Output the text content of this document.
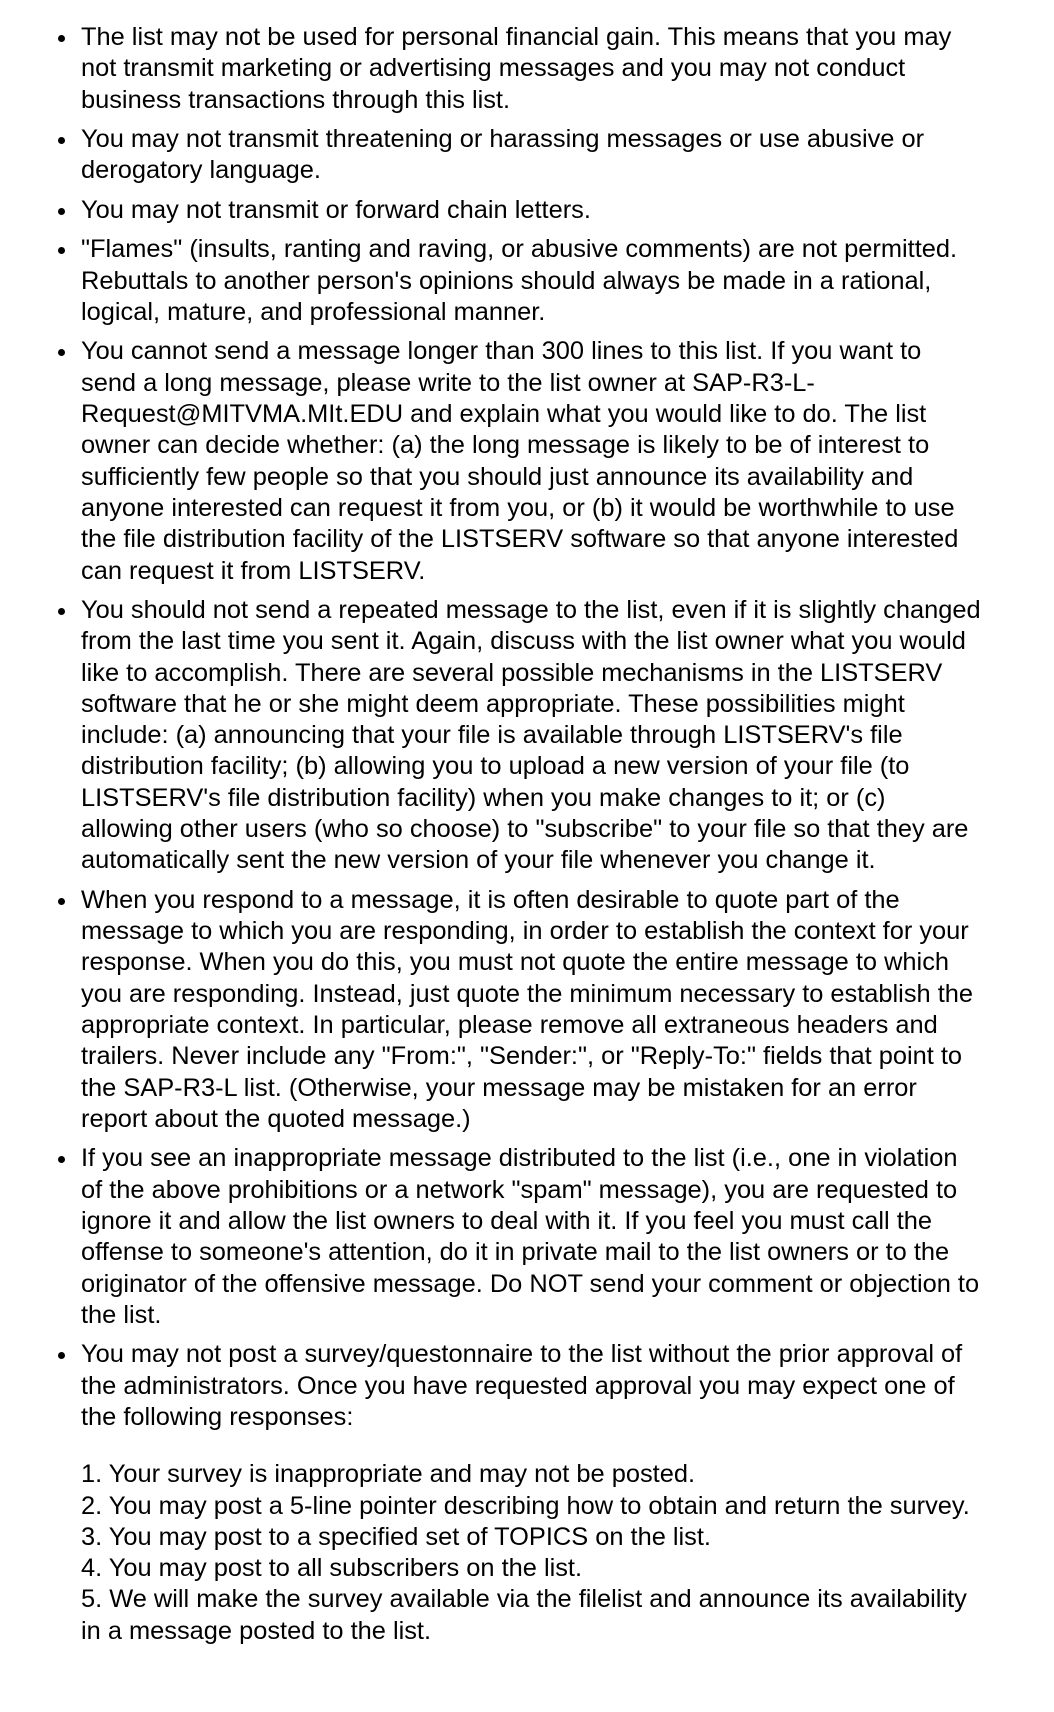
The list may not be used for personal financial gain. This means that you may not transmit marketing or advertising messages and you may not conduct business transactions through this list.
You may not transmit threatening or harassing messages or use abusive or derogatory language.
You may not transmit or forward chain letters.
"Flames" (insults, ranting and raving, or abusive comments) are not permitted. Rebuttals to another person's opinions should always be made in a rational, logical, mature, and professional manner.
You cannot send a message longer than 300 lines to this list. If you want to send a long message, please write to the list owner at SAP-R3-L-Request@MITVMA.MIt.EDU and explain what you would like to do. The list owner can decide whether: (a) the long message is likely to be of interest to sufficiently few people so that you should just announce its availability and anyone interested can request it from you, or (b) it would be worthwhile to use the file distribution facility of the LISTSERV software so that anyone interested can request it from LISTSERV.
You should not send a repeated message to the list, even if it is slightly changed from the last time you sent it. Again, discuss with the list owner what you would like to accomplish. There are several possible mechanisms in the LISTSERV software that he or she might deem appropriate. These possibilities might include: (a) announcing that your file is available through LISTSERV's file distribution facility; (b) allowing you to upload a new version of your file (to LISTSERV's file distribution facility) when you make changes to it; or (c) allowing other users (who so choose) to "subscribe" to your file so that they are automatically sent the new version of your file whenever you change it.
When you respond to a message, it is often desirable to quote part of the message to which you are responding, in order to establish the context for your response. When you do this, you must not quote the entire message to which you are responding. Instead, just quote the minimum necessary to establish the appropriate context. In particular, please remove all extraneous headers and trailers. Never include any "From:", "Sender:", or "Reply-To:" fields that point to the SAP-R3-L list. (Otherwise, your message may be mistaken for an error report about the quoted message.)
If you see an inappropriate message distributed to the list (i.e., one in violation of the above prohibitions or a network "spam" message), you are requested to ignore it and allow the list owners to deal with it. If you feel you must call the offense to someone's attention, do it in private mail to the list owners or to the originator of the offensive message. Do NOT send your comment or objection to the list.
You may not post a survey/questonnaire to the list without the prior approval of the administrators. Once you have requested approval you may expect one of the following responses:
1. Your survey is inappropriate and may not be posted.
2. You may post a 5-line pointer describing how to obtain and return the survey.
3. You may post to a specified set of TOPICS on the list.
4. You may post to all subscribers on the list.
5. We will make the survey available via the filelist and announce its availability in a message posted to the list.
